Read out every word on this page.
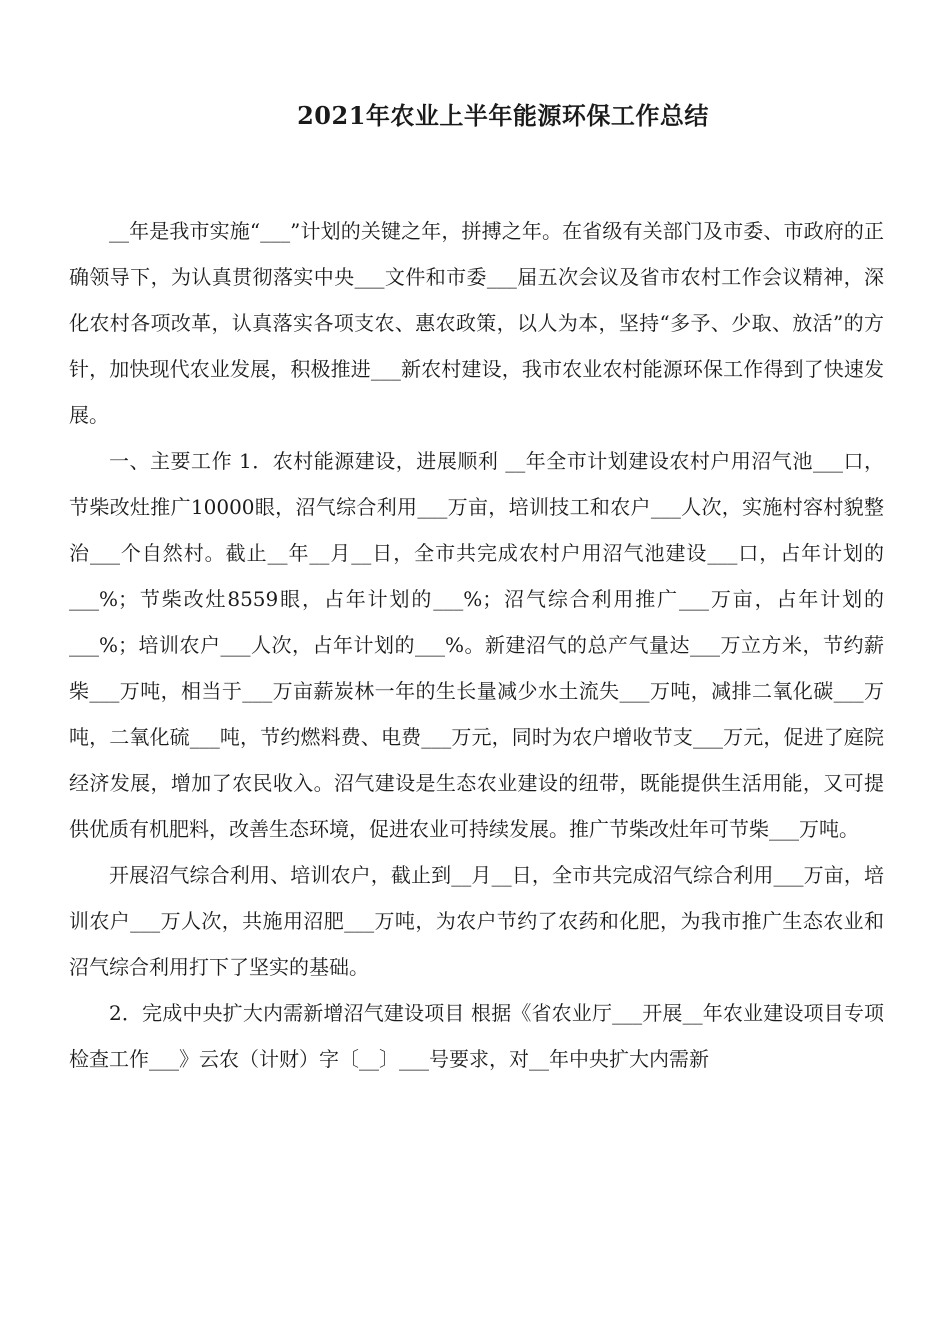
2021年农业上半年能源环保工作总结

__年是我市实施“___”计划的关键之年，拼搏之年。在省级有关部门及市委、市政府的正确领导下，为认真贯彻落实中央___文件和市委___届五次会议及省市农村工作会议精神，深化农村各项改革，认真落实各项支农、惠农政策，以人为本，坚持“多予、少取、放活”的方针，加快现代农业发展，积极推进___新农村建设，我市农业农村能源环保工作得到了快速发展。

一、主要工作 1．农村能源建设，进展顺利 __年全市计划建设农村户用沼气池___口，节柴改灶推广10000眼，沼气综合利用___万亩，培训技工和农户___人次，实施村容村貌整治___个自然村。截止__年__月__日，全市共完成农村户用沼气池建设___口，占年计划的___%；节柴改灶8559眼，占年计划的___%；沼气综合利用推广___万亩，占年计划的___%；培训农户___人次，占年计划的___%。新建沼气的总产气量达___万立方米，节约薪柴___万吨，相当于___万亩薪炭林一年的生长量减少水土流失___万吨，减排二氧化碳___万吨，二氧化硫___吨，节约燃料费、电费___万元，同时为农户增收节支___万元，促进了庭院经济发展，增加了农民收入。沼气建设是生态农业建设的纽带，既能提供生活用能，又可提供优质有机肥料，改善生态环境，促进农业可持续发展。推广节柴改灶年可节柴___万吨。

开展沼气综合利用、培训农户，截止到__月__日，全市共完成沼气综合利用___万亩，培训农户___万人次，共施用沼肥___万吨，为农户节约了农药和化肥，为我市推广生态农业和沼气综合利用打下了坚实的基础。

2．完成中央扩大内需新增沼气建设项目 根据《省农业厅___开展__年农业建设项目专项检查工作___》云农（计财）字〔__〕___号要求，对__年中央扩大内需新
